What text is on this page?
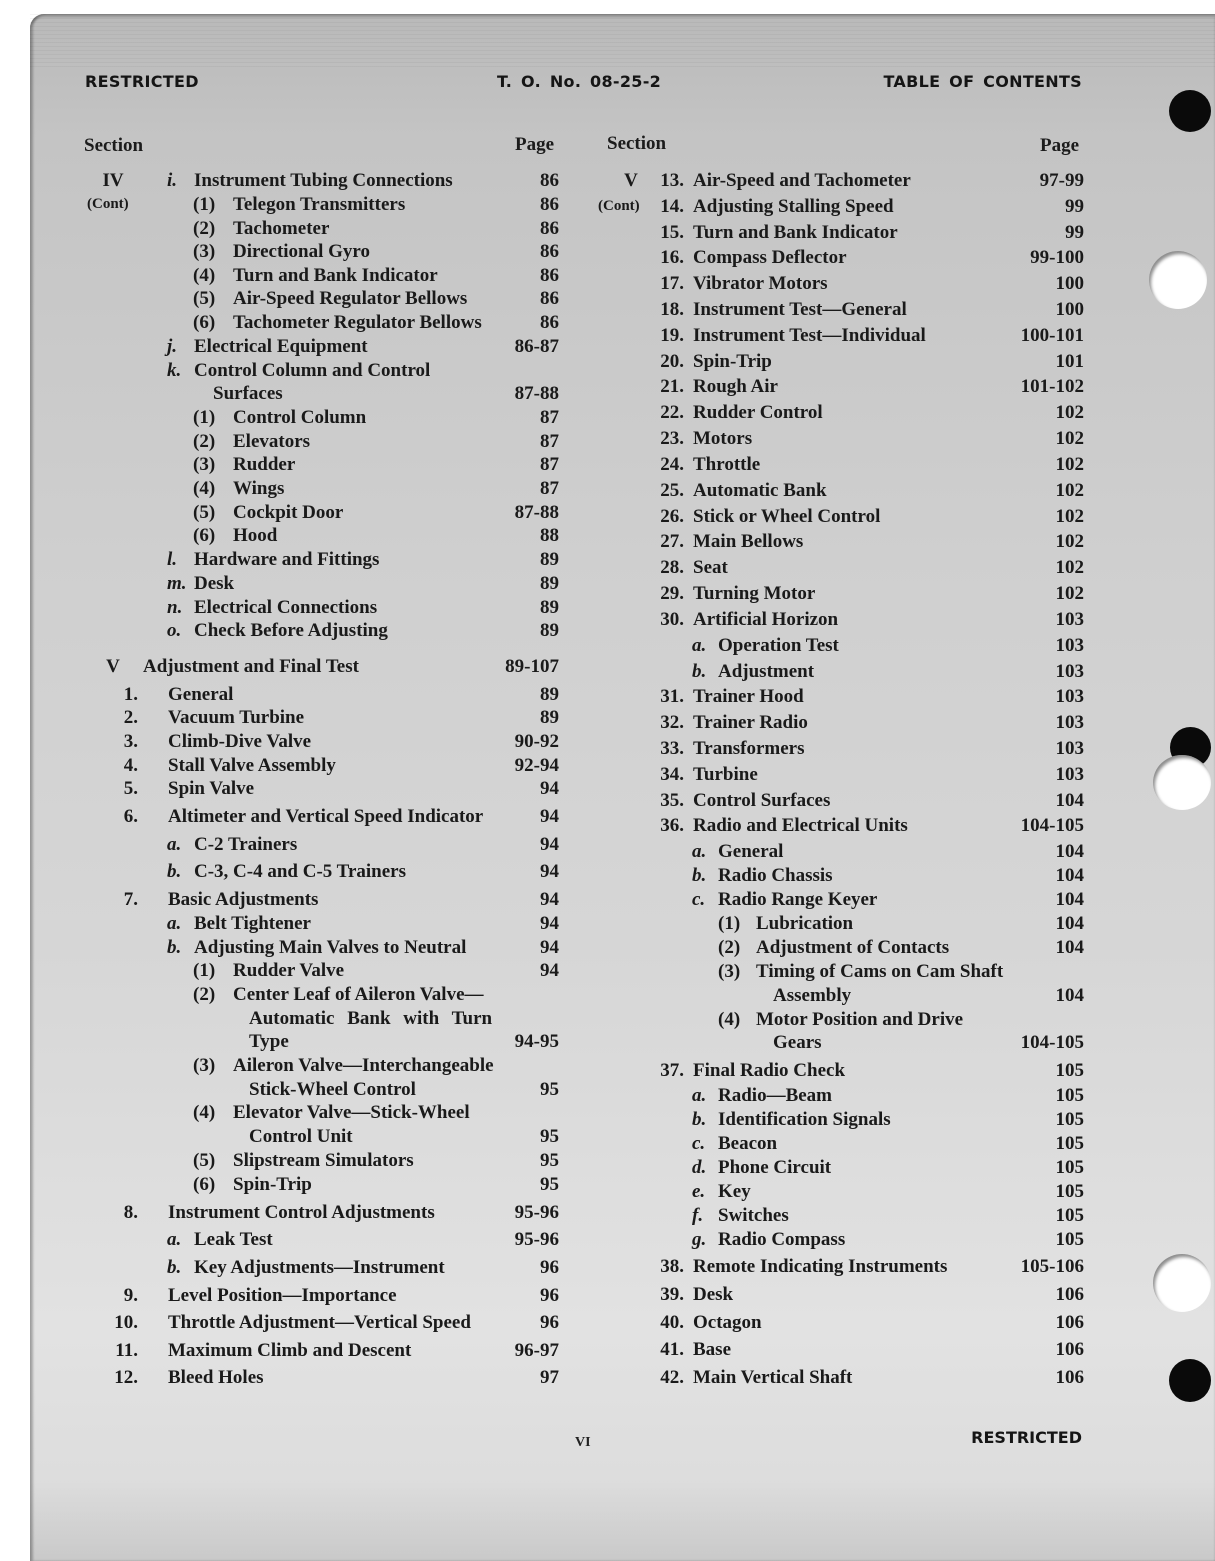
RESTRICTED	T. O. No. 08-25-2	TABLE OF CONTENTS
Section	Page	Section	Page
IV	i. Instrument Tubing Connections	86
(Cont)	(1) Telegon Transmitters	86
(2) Tachometer	86
(3) Directional Gyro	86
(4) Turn and Bank Indicator	86
(5) Air-Speed Regulator Bellows	86
(6) Tachometer Regulator Bellows	86
j. Electrical Equipment	86-87
k. Control Column and Control
Surfaces	87-88
(1) Control Column	87
(2) Elevators	87
(3) Rudder	87
(4) Wings	87
(5) Cockpit Door	87-88
(6) Hood	88
l. Hardware and Fittings	89
m. Desk	89
n. Electrical Connections	89
o. Check Before Adjusting	89
V	Adjustment and Final Test	89-107
1. General	89
2. Vacuum Turbine	89
3. Climb-Dive Valve	90-92
4. Stall Valve Assembly	92-94
5. Spin Valve	94
6. Altimeter and Vertical Speed Indicator	94
a. C-2 Trainers	94
b. C-3, C-4 and C-5 Trainers	94
7. Basic Adjustments	94
a. Belt Tightener	94
b. Adjusting Main Valves to Neutral	94
(1) Rudder Valve	94
(2) Center Leaf of Aileron Valve—
Automatic Bank with Turn
Type	94-95
(3) Aileron Valve—Interchangeable
Stick-Wheel Control	95
(4) Elevator Valve—Stick-Wheel
Control Unit	95
(5) Slipstream Simulators	95
(6) Spin-Trip	95
8. Instrument Control Adjustments	95-96
a. Leak Test	95-96
b. Key Adjustments—Instrument	96
9. Level Position—Importance	96
10. Throttle Adjustment—Vertical Speed	96
11. Maximum Climb and Descent	96-97
12. Bleed Holes	97
V	13. Air-Speed and Tachometer	97-99
(Cont)	14. Adjusting Stalling Speed	99
15. Turn and Bank Indicator	99
16. Compass Deflector	99-100
17. Vibrator Motors	100
18. Instrument Test—General	100
19. Instrument Test—Individual	100-101
20. Spin-Trip	101
21. Rough Air	101-102
22. Rudder Control	102
23. Motors	102
24. Throttle	102
25. Automatic Bank	102
26. Stick or Wheel Control	102
27. Main Bellows	102
28. Seat	102
29. Turning Motor	102
30. Artificial Horizon	103
a. Operation Test	103
b. Adjustment	103
31. Trainer Hood	103
32. Trainer Radio	103
33. Transformers	103
34. Turbine	103
35. Control Surfaces	104
36. Radio and Electrical Units	104-105
a. General	104
b. Radio Chassis	104
c. Radio Range Keyer	104
(1) Lubrication	104
(2) Adjustment of Contacts	104
(3) Timing of Cams on Cam Shaft
Assembly	104
(4) Motor Position and Drive
Gears	104-105
37. Final Radio Check	105
a. Radio—Beam	105
b. Identification Signals	105
c. Beacon	105
d. Phone Circuit	105
e. Key	105
f. Switches	105
g. Radio Compass	105
38. Remote Indicating Instruments	105-106
39. Desk	106
40. Octagon	106
41. Base	106
42. Main Vertical Shaft	106
VI	RESTRICTED
